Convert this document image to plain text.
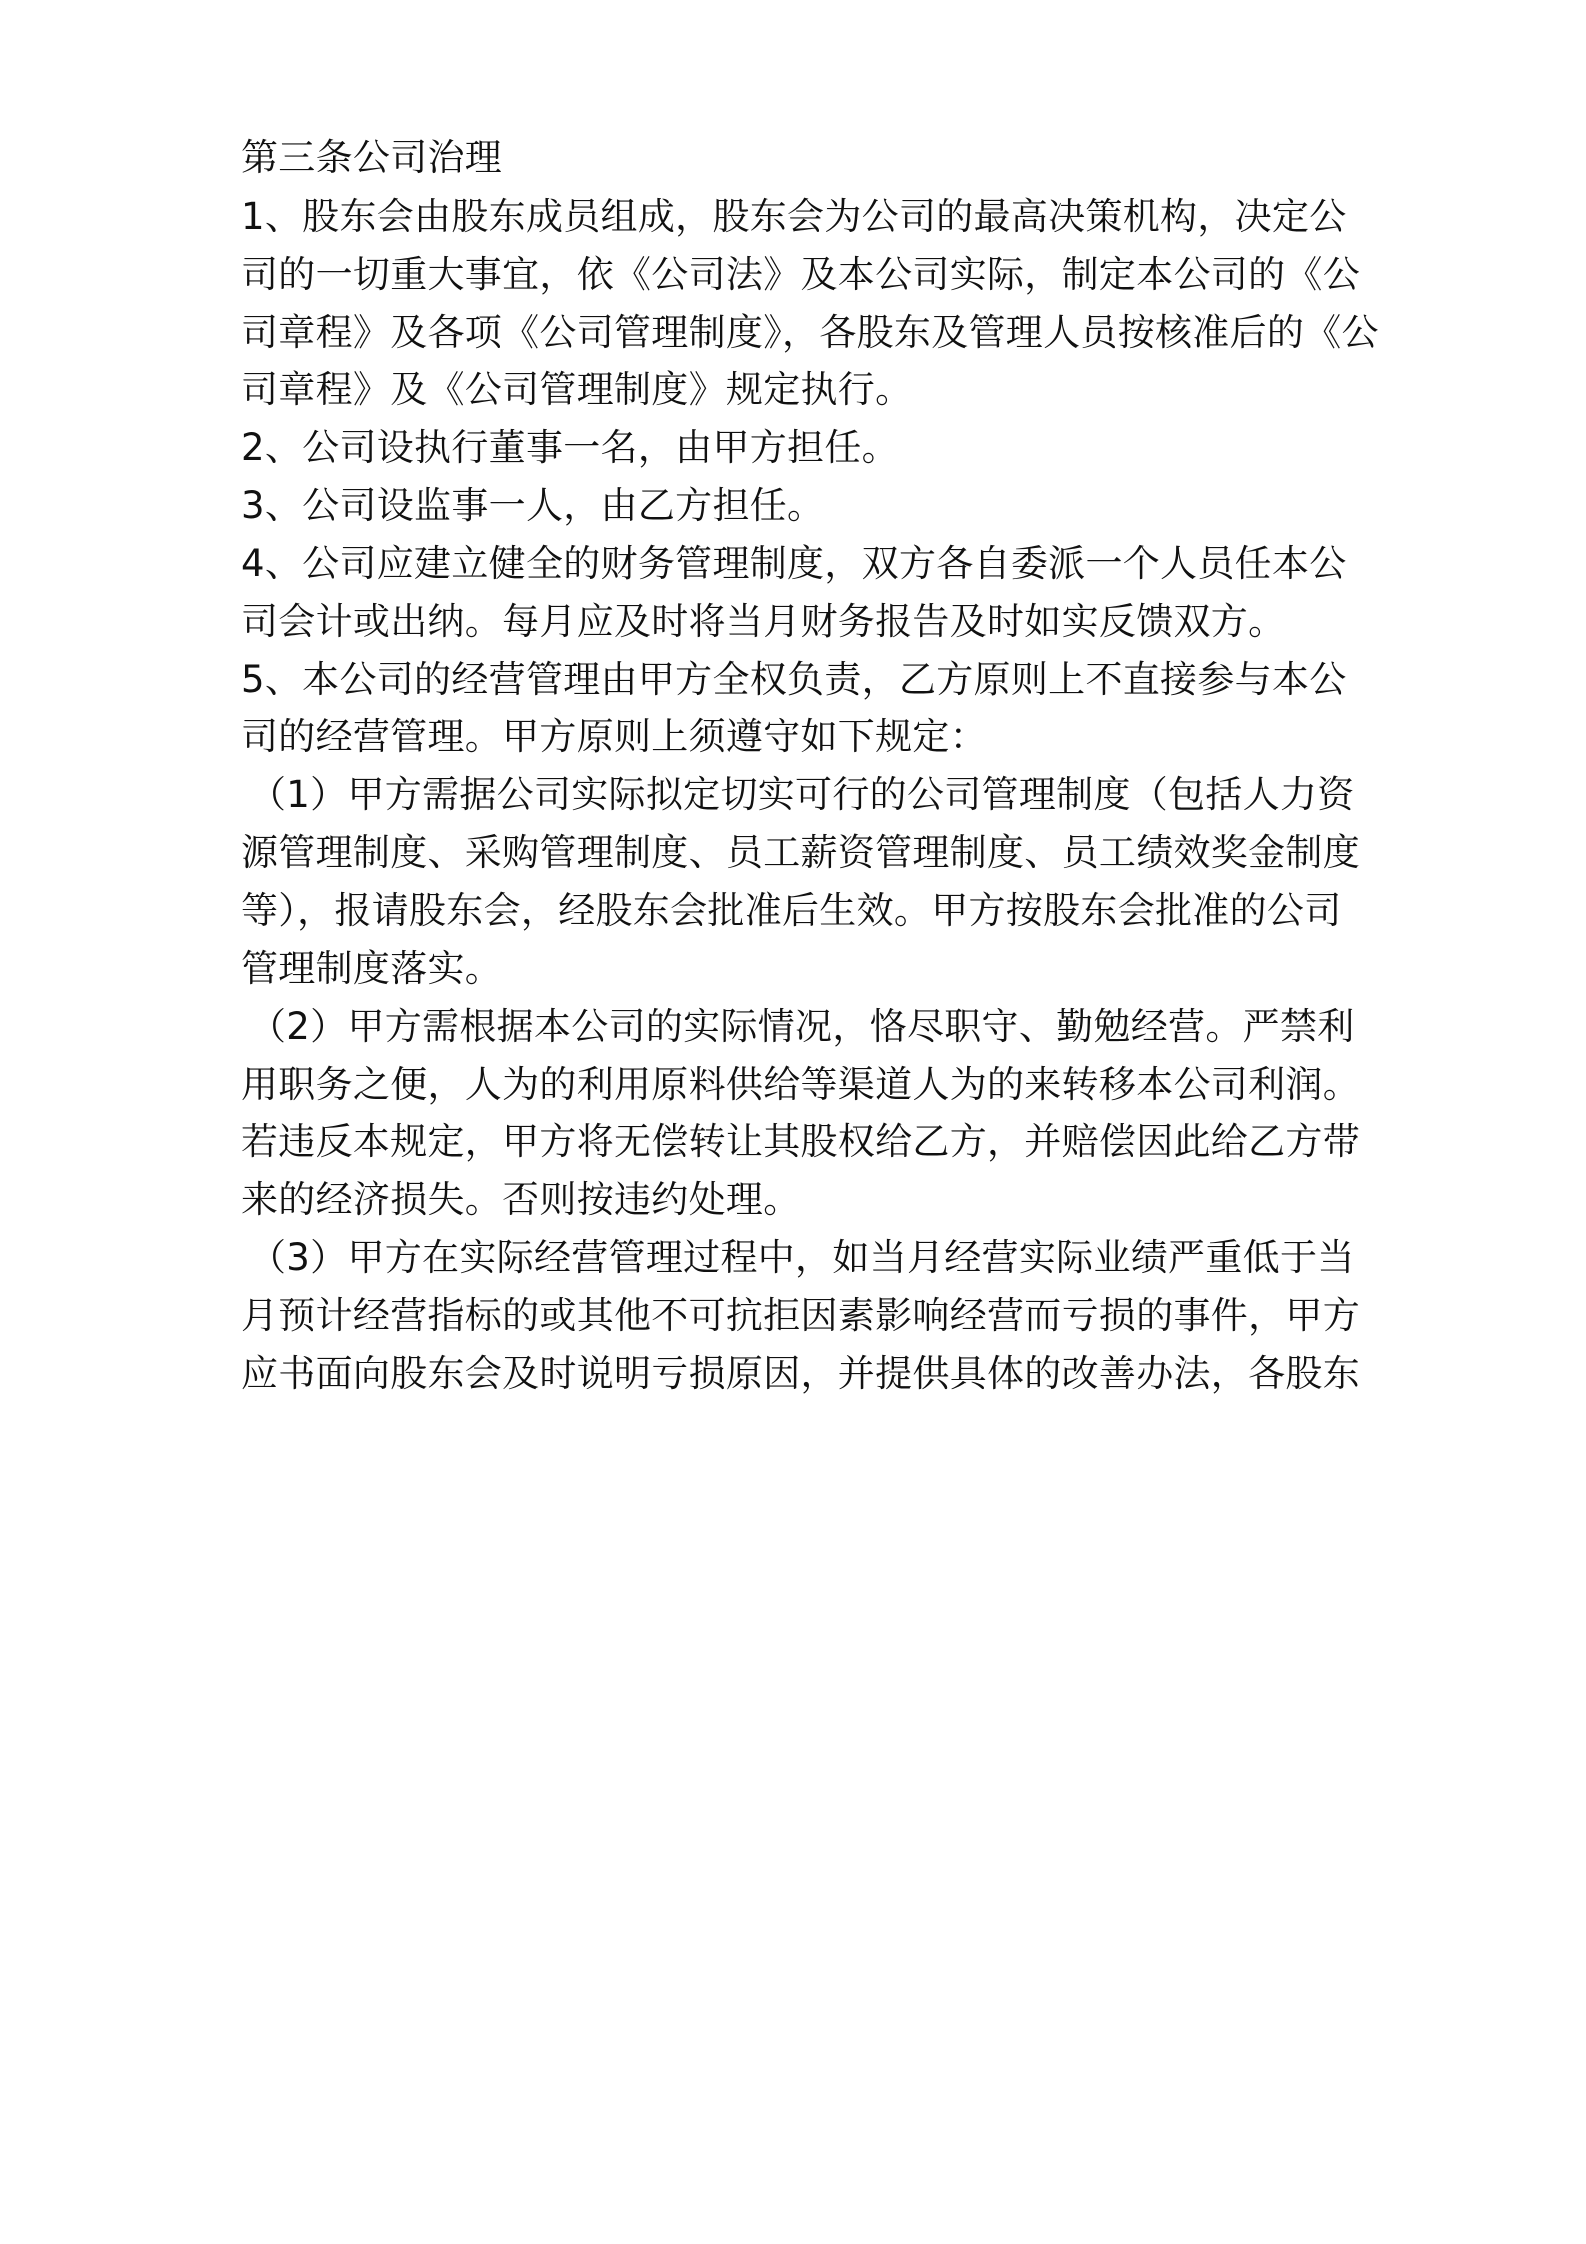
第三条公司治理

1、股东会由股东成员组成，股东会为公司的最高决策机构，决定公

司的一切重大事宜，依《公司法》及本公司实际，制定本公司的《公

司章程》及各项《公司管理制度》，各股东及管理人员按核准后的《公

司章程》及《公司管理制度》规定执行。

2、公司设执行董事一名，由甲方担任。

3、公司设监事一人，由乙方担任。

4、公司应建立健全的财务管理制度，双方各自委派一个人员任本公

司会计或出纳。每月应及时将当月财务报告及时如实反馈双方。

5、本公司的经营管理由甲方全权负责，乙方原则上不直接参与本公

司的经营管理。甲方原则上须遵守如下规定：

（1）甲方需据公司实际拟定切实可行的公司管理制度（包括人力资

源管理制度、采购管理制度、员工薪资管理制度、员工绩效奖金制度

等），报请股东会，经股东会批准后生效。甲方按股东会批准的公司

管理制度落实。

（2）甲方需根据本公司的实际情况，恪尽职守、勤勉经营。严禁利

用职务之便，人为的利用原料供给等渠道人为的来转移本公司利润。

若违反本规定，甲方将无偿转让其股权给乙方，并赔偿因此给乙方带

来的经济损失。否则按违约处理。

（3）甲方在实际经营管理过程中，如当月经营实际业绩严重低于当

月预计经营指标的或其他不可抗拒因素影响经营而亏损的事件，甲方

应书面向股东会及时说明亏损原因，并提供具体的改善办法，各股东
